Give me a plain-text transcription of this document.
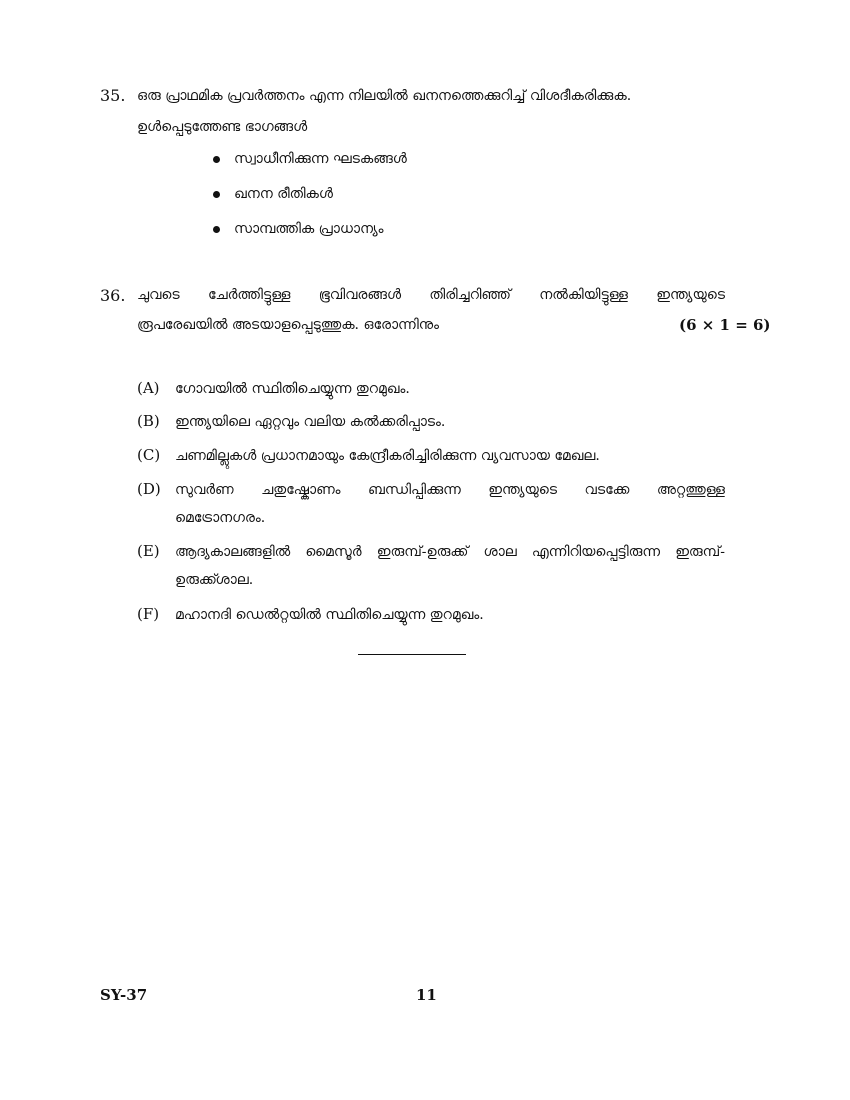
35. ഒരു പ്രാഥമിക പ്രവർത്തനം എന്ന നിലയിൽ ഖനനത്തെക്കുറിച്ച് വിശദീകരിക്കുക.
ഉൾപ്പെടുത്തേണ്ട ഭാഗങ്ങൾ
സ്വാധീനിക്കുന്ന ഘടകങ്ങൾ
ഖനന രീതികൾ
സാമ്പത്തിക പ്രാധാന്യം
36. ചുവടെ ചേർത്തിട്ടുള്ള ഭൂവിവരങ്ങൾ തിരിച്ചറിഞ്ഞ് നൽകിയിട്ടുള്ള ഇന്ത്യയുടെ
രൂപരേഖയിൽ അടയാളപ്പെടുത്തുക. ഒരോന്നിനും	(6 × 1 = 6)
(A) ഗോവയിൽ സ്ഥിതിചെയ്യുന്ന തുറമുഖം.
(B) ഇന്ത്യയിലെ ഏറ്റവും വലിയ കൽക്കരിപ്പാടം.
(C) ചണമില്ലുകൾ പ്രധാനമായും കേന്ദ്രീകരിച്ചിരിക്കുന്ന വ്യവസായ മേഖല.
(D) സുവർണ ചതുഷ്കോണം ബന്ധിപ്പിക്കുന്ന ഇന്ത്യയുടെ വടക്കേ അറ്റത്തുള്ള
മെട്രോനഗരം.
(E) ആദ്യകാലങ്ങളിൽ മൈസൂർ ഇരുമ്പ്-ഉരുക്ക് ശാല എന്നിറിയപ്പെട്ടിരുന്ന ഇരുമ്പ്-
ഉരുക്ക്ശാല.
(F) മഹാനദി ഡെൽറ്റയിൽ സ്ഥിതിചെയ്യുന്ന തുറമുഖം.
SY-37	11
